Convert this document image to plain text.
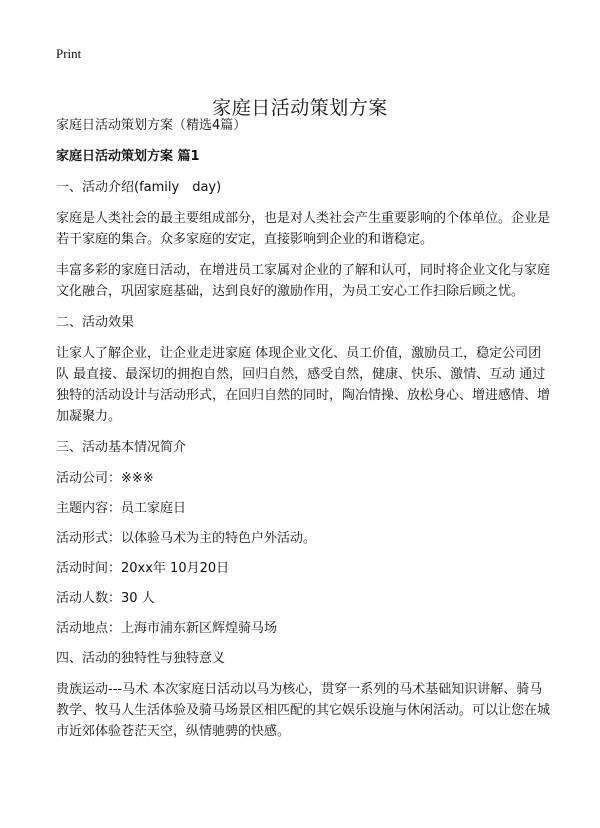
Print
家庭日活动策划方案

家庭日活动策划方案（精选4篇）

家庭日活动策划方案 篇1

一、活动介绍(family　day)

家庭是人类社会的最主要组成部分，也是对人类社会产生重要影响的个体单位。企业是若干家庭的集合。众多家庭的安定，直接影响到企业的和谐稳定。

丰富多彩的家庭日活动，在增进员工家属对企业的了解和认可，同时将企业文化与家庭文化融合，巩固家庭基础，达到良好的激励作用，为员工安心工作扫除后顾之忧。

二、活动效果

让家人了解企业，让企业走进家庭 体现企业文化、员工价值，激励员工，稳定公司团队 最直接、最深切的拥抱自然，回归自然，感受自然，健康、快乐、激情、互动 通过独特的活动设计与活动形式，在回归自然的同时，陶冶情操、放松身心、增进感情、增加凝聚力。

三、活动基本情况简介

活动公司：※※※

主题内容：员工家庭日

活动形式：以体验马术为主的特色户外活动。

活动时间：20xx年 10月20日

活动人数：30 人

活动地点：上海市浦东新区辉煌骑马场

四、活动的独特性与独特意义

贵族运动---马术 本次家庭日活动以马为核心，贯穿一系列的马术基础知识讲解、骑马教学、牧马人生活体验及骑马场景区相匹配的其它娱乐设施与休闲活动。可以让您在城市近郊体验苍茫天空，纵情驰骋的快感。
